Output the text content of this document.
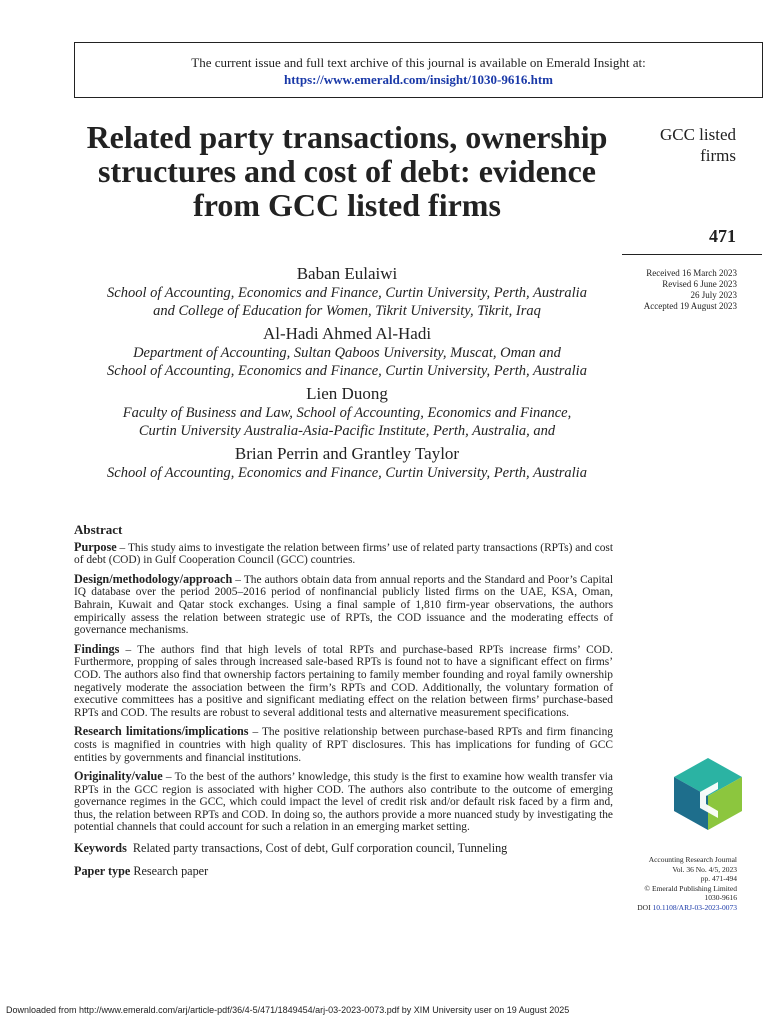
The current issue and full text archive of this journal is available on Emerald Insight at:
https://www.emerald.com/insight/1030-9616.htm
Related party transactions, ownership structures and cost of debt: evidence from GCC listed firms
GCC listed
firms
471
Received 16 March 2023
Revised 6 June 2023
26 July 2023
Accepted 19 August 2023
Baban Eulaiwi
School of Accounting, Economics and Finance, Curtin University, Perth, Australia
and College of Education for Women, Tikrit University, Tikrit, Iraq
Al-Hadi Ahmed Al-Hadi
Department of Accounting, Sultan Qaboos University, Muscat, Oman and
School of Accounting, Economics and Finance, Curtin University, Perth, Australia
Lien Duong
Faculty of Business and Law, School of Accounting, Economics and Finance,
Curtin University Australia-Asia-Pacific Institute, Perth, Australia, and
Brian Perrin and Grantley Taylor
School of Accounting, Economics and Finance, Curtin University, Perth, Australia
Abstract
Purpose – This study aims to investigate the relation between firms’ use of related party transactions (RPTs) and cost of debt (COD) in Gulf Cooperation Council (GCC) countries.
Design/methodology/approach – The authors obtain data from annual reports and the Standard and Poor’s Capital IQ database over the period 2005–2016 period of nonfinancial publicly listed firms on the UAE, KSA, Oman, Bahrain, Kuwait and Qatar stock exchanges. Using a final sample of 1,810 firm-year observations, the authors empirically assess the relation between strategic use of RPTs, the COD issuance and the moderating effects of governance mechanisms.
Findings – The authors find that high levels of total RPTs and purchase-based RPTs increase firms’ COD. Furthermore, propping of sales through increased sale-based RPTs is found not to have a significant effect on firms’ COD. The authors also find that ownership factors pertaining to family member founding and royal family ownership negatively moderate the association between the firm’s RPTs and COD. Additionally, the voluntary formation of executive committees has a positive and significant mediating effect on the relation between firms’ purchase-based RPTs and COD. The results are robust to several additional tests and alternative measurement specifications.
Research limitations/implications – The positive relationship between purchase-based RPTs and firm financing costs is magnified in countries with high quality of RPT disclosures. This has implications for funding of GCC entities by governments and financial institutions.
Originality/value – To the best of the authors’ knowledge, this study is the first to examine how wealth transfer via RPTs in the GCC region is associated with higher COD. The authors also contribute to the outcome of emerging governance regimes in the GCC, which could impact the level of credit risk and/or default risk faced by a firm and, thus, the relation between RPTs and COD. In doing so, the authors provide a more nuanced study by investigating the potential channels that could account for such a relation in an emerging market setting.
Keywords Related party transactions, Cost of debt, Gulf corporation council, Tunneling
Paper type Research paper
Accounting Research Journal
Vol. 36 No. 4/5, 2023
pp. 471-494
© Emerald Publishing Limited
1030-9616
DOI 10.1108/ARJ-03-2023-0073
Downloaded from http://www.emerald.com/arj/article-pdf/36/4-5/471/1849454/arj-03-2023-0073.pdf by XIM University user on 19 August 2025
